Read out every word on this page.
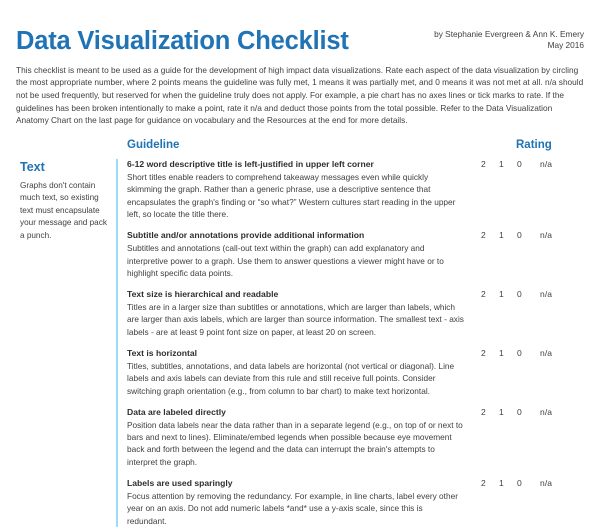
Data Visualization Checklist	by Stephanie Evergreen & Ann K. Emery
May 2016
This checklist is meant to be used as a guide for the development of high impact data visualizations. Rate each aspect of the data visualization by circling the most appropriate number, where 2 points means the guideline was fully met, 1 means it was partially met, and 0 means it was not met at all. n/a should not be used frequently, but reserved for when the guideline truly does not apply. For example, a pie chart has no axes lines or tick marks to rate. If the guidelines has been broken intentionally to make a point, rate it n/a and deduct those points from the total possible. Refer to the Data Visualization Anatomy Chart on the last page for guidance on vocabulary and the Resources at the end for more details.
Guideline	Rating
Text
Graphs don't contain much text, so existing text must encapsulate your message and pack a punch.
6-12 word descriptive title is left-justified in upper left corner
Short titles enable readers to comprehend takeaway messages even while quickly skimming the graph. Rather than a generic phrase, use a descriptive sentence that encapsulates the graph's finding or “so what?” Western cultures start reading in the upper left, so locate the title there.
2	1	0	n/a
Subtitle and/or annotations provide additional information
Subtitles and annotations (call-out text within the graph) can add explanatory and interpretive power to a graph. Use them to answer questions a viewer might have or to highlight specific data points.
2	1	0	n/a
Text size is hierarchical and readable
Titles are in a larger size than subtitles or annotations, which are larger than labels, which are larger than axis labels, which are larger than source information. The smallest text - axis labels - are at least 9 point font size on paper, at least 20 on screen.
2	1	0	n/a
Text is horizontal
Titles, subtitles, annotations, and data labels are horizontal (not vertical or diagonal). Line labels and axis labels can deviate from this rule and still receive full points. Consider switching graph orientation (e.g., from column to bar chart) to make text horizontal.
2	1	0	n/a
Data are labeled directly
Position data labels near the data rather than in a separate legend (e.g., on top of or next to bars and next to lines). Eliminate/embed legends when possible because eye movement back and forth between the legend and the data can interrupt the brain's attempts to interpret the graph.
2	1	0	n/a
Labels are used sparingly
Focus attention by removing the redundancy. For example, in line charts, label every other year on an axis. Do not add numeric labels *and* use a y-axis scale, since this is redundant.
2	1	0	n/a
